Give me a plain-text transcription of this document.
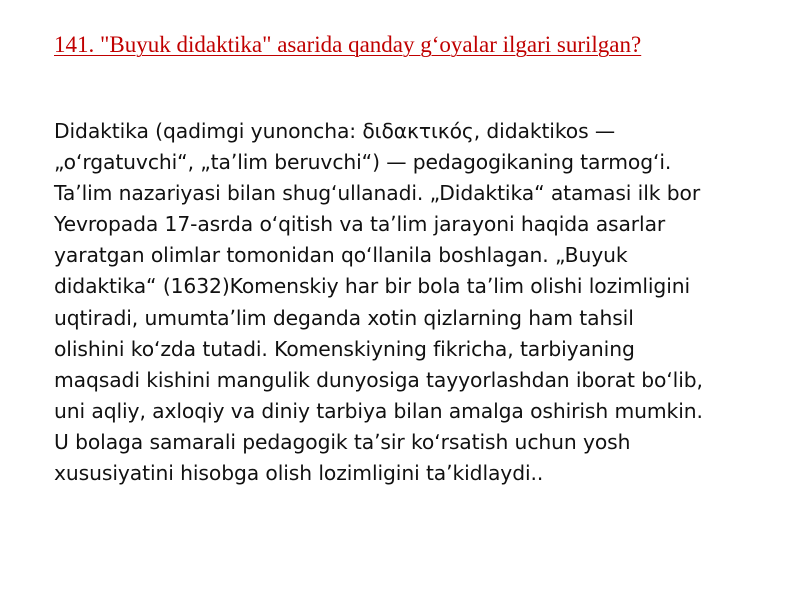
141. "Buyuk didaktika" asarida qanday g‘oyalar ilgari surilgan?

Didaktika (qadimgi yunoncha: διδακτικός, didaktikos —
„oʻrgatuvchi“, „taʼlim beruvchi“) — pedagogikaning tarmogʻi.
Taʼlim nazariyasi bilan shugʻullanadi. „Didaktika“ atamasi ilk bor
Yevropada 17-asrda oʻqitish va taʼlim jarayoni haqida asarlar
yaratgan olimlar tomonidan qoʻllanila boshlagan. „Buyuk
didaktika“ (1632)Komenskiy har bir bola taʼlim olishi lozimligini
uqtiradi, umumtaʼlim deganda xotin qizlarning ham tahsil
olishini koʻzda tutadi. Komenskiyning fikricha, tarbiyaning
maqsadi kishini mangulik dunyosiga tayyorlashdan iborat boʻlib,
uni aqliy, axloqiy va diniy tarbiya bilan amalga oshirish mumkin.
U bolaga samarali pedagogik taʼsir koʻrsatish uchun yosh
xususiyatini hisobga olish lozimligini taʼkidlaydi..
